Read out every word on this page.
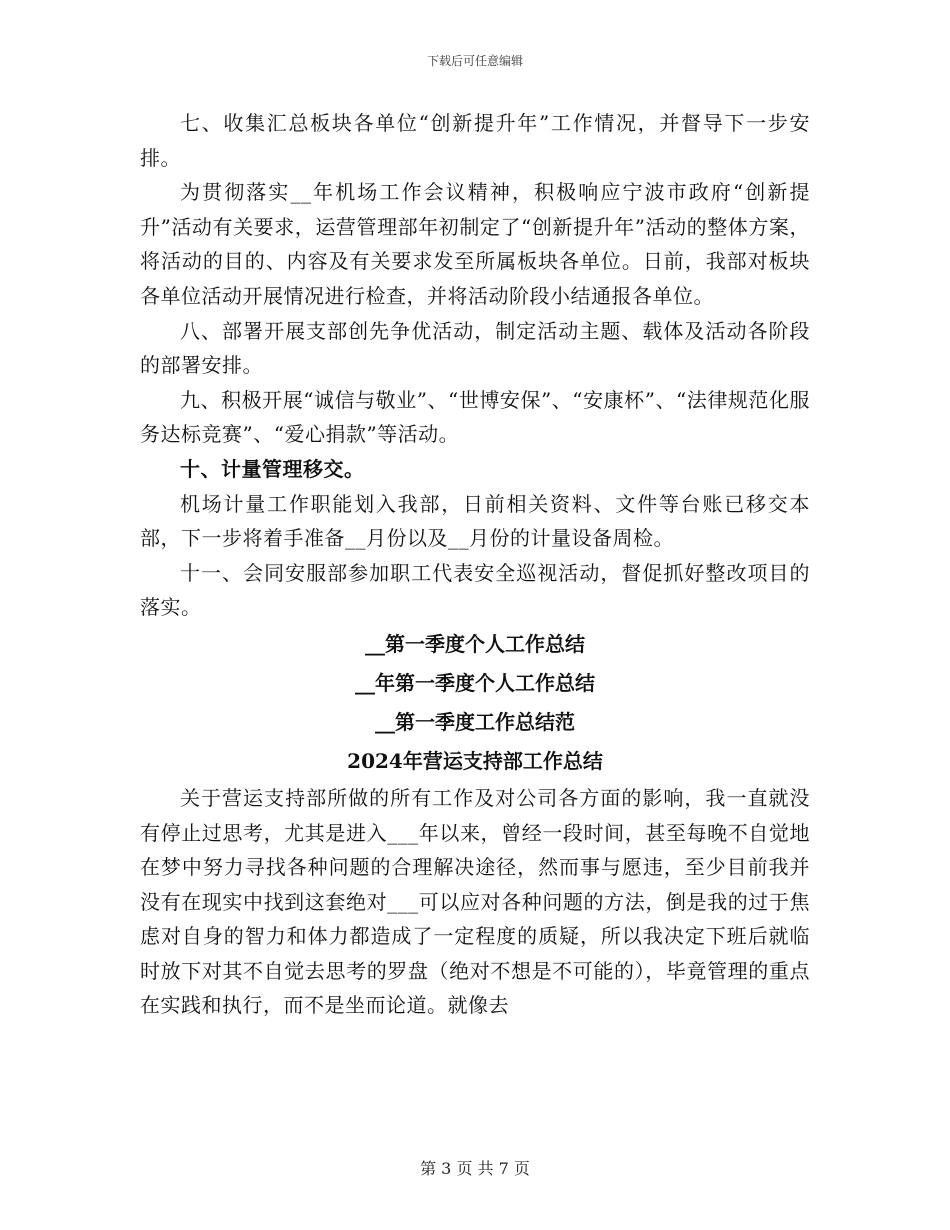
下载后可任意编辑

七、收集汇总板块各单位“创新提升年”工作情况，并督导下一步安排。

为贯彻落实__年机场工作会议精神，积极响应宁波市政府“创新提升”活动有关要求，运营管理部年初制定了“创新提升年”活动的整体方案，将活动的目的、内容及有关要求发至所属板块各单位。日前，我部对板块各单位活动开展情况进行检查，并将活动阶段小结通报各单位。

八、部署开展支部创先争优活动，制定活动主题、载体及活动各阶段的部署安排。

九、积极开展“诚信与敬业”、“世博安保”、“安康杯”、“法律规范化服务达标竞赛”、“爱心捐款”等活动。

十、计量管理移交。

机场计量工作职能划入我部，日前相关资料、文件等台账已移交本部，下一步将着手准备__月份以及__月份的计量设备周检。

十一、会同安服部参加职工代表安全巡视活动，督促抓好整改项目的落实。

__第一季度个人工作总结

__年第一季度个人工作总结

__第一季度工作总结范

2024年营运支持部工作总结

关于营运支持部所做的所有工作及对公司各方面的影响，我一直就没有停止过思考，尤其是进入___年以来，曾经一段时间，甚至每晚不自觉地在梦中努力寻找各种问题的合理解决途径，然而事与愿违，至少目前我并没有在现实中找到这套绝对___可以应对各种问题的方法，倒是我的过于焦虑对自身的智力和体力都造成了一定程度的质疑，所以我决定下班后就临时放下对其不自觉去思考的罗盘（绝对不想是不可能的），毕竟管理的重点在实践和执行，而不是坐而论道。就像去

第 3 页 共 7 页
